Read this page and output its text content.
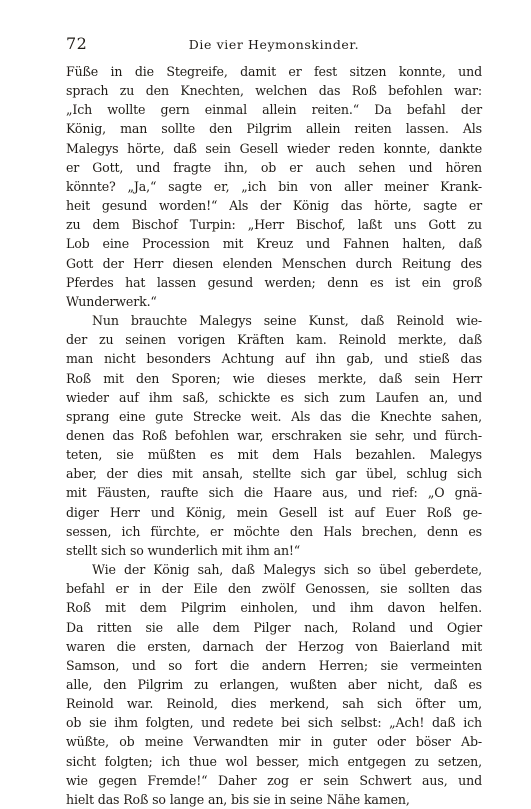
72	Die vier Heymonskinder.
Füße in die Stegreife, damit er fest sitzen konnte, und
sprach zu den Knechten, welchen das Roß befohlen war:
„Ich wollte gern einmal allein reiten.“ Da befahl der
König, man sollte den Pilgrim allein reiten lassen. Als
Malegys hörte, daß sein Gesell wieder reden konnte, dankte
er Gott, und fragte ihn, ob er auch sehen und hören
könnte? „Ja,“ sagte er, „ich bin von aller meiner Krank-
heit gesund worden!“ Als der König das hörte, sagte er
zu dem Bischof Turpin: „Herr Bischof, laßt uns Gott zu
Lob eine Procession mit Kreuz und Fahnen halten, daß
Gott der Herr diesen elenden Menschen durch Reitung des
Pferdes hat lassen gesund werden; denn es ist ein groß
Wunderwerk.“
Nun brauchte Malegys seine Kunst, daß Reinold wie-
der zu seinen vorigen Kräften kam. Reinold merkte, daß
man nicht besonders Achtung auf ihn gab, und stieß das
Roß mit den Sporen; wie dieses merkte, daß sein Herr
wieder auf ihm saß, schickte es sich zum Laufen an, und
sprang eine gute Strecke weit. Als das die Knechte sahen,
denen das Roß befohlen war, erschraken sie sehr, und fürch-
teten, sie müßten es mit dem Hals bezahlen. Malegys
aber, der dies mit ansah, stellte sich gar übel, schlug sich
mit Fäusten, raufte sich die Haare aus, und rief: „O gnä-
diger Herr und König, mein Gesell ist auf Euer Roß ge-
sessen, ich fürchte, er möchte den Hals brechen, denn es
stellt sich so wunderlich mit ihm an!“
Wie der König sah, daß Malegys sich so übel geberdete,
befahl er in der Eile den zwölf Genossen, sie sollten das
Roß mit dem Pilgrim einholen, und ihm davon helfen.
Da ritten sie alle dem Pilger nach, Roland und Ogier
waren die ersten, darnach der Herzog von Baierland mit
Samson, und so fort die andern Herren; sie vermeinten
alle, den Pilgrim zu erlangen, wußten aber nicht, daß es
Reinold war. Reinold, dies merkend, sah sich öfter um,
ob sie ihm folgten, und redete bei sich selbst: „Ach! daß ich
wüßte, ob meine Verwandten mir in guter oder böser Ab-
sicht folgten; ich thue wol besser, mich entgegen zu setzen,
wie gegen Fremde!“ Daher zog er sein Schwert aus, und
hielt das Roß so lange an, bis sie in seine Nähe kamen,
